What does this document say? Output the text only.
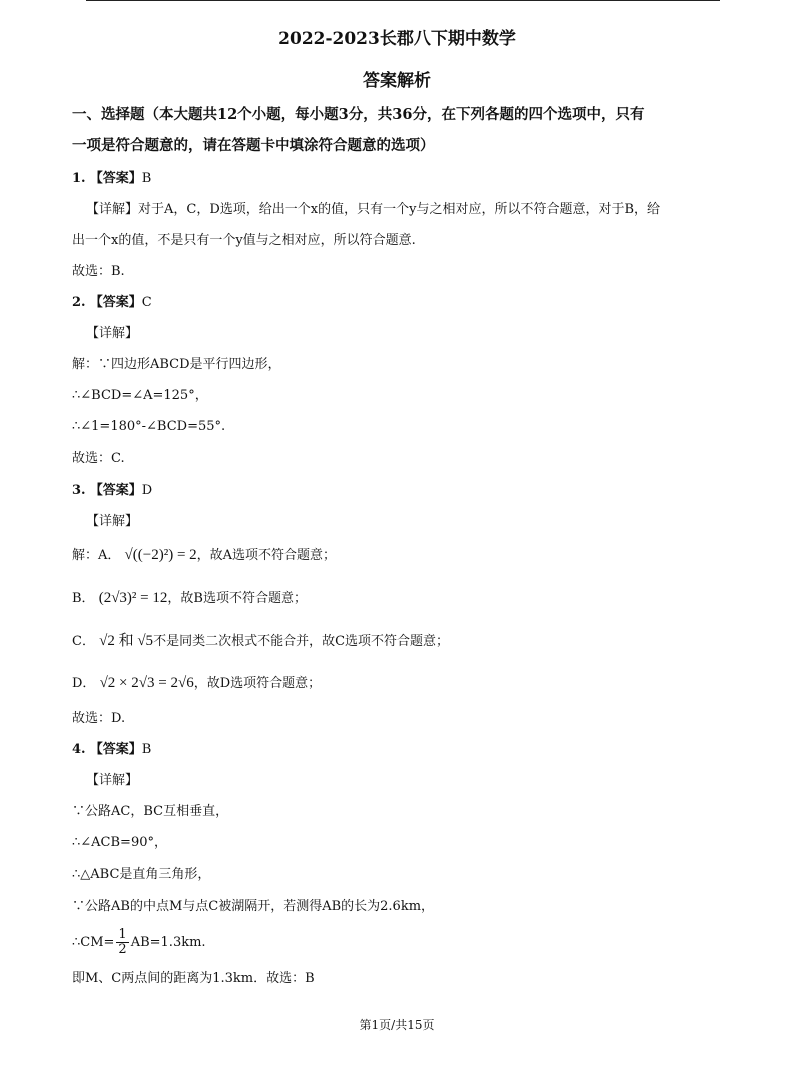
2022-2023长郡八下期中数学
答案解析
一、选择题（本大题共12个小题，每小题3分，共36分，在下列各题的四个选项中，只有
一项是符合题意的，请在答题卡中填涂符合题意的选项）
1. 【答案】B
【详解】对于A，C，D选项，给出一个x的值，只有一个y与之相对应，所以不符合题意，对于B，给
出一个x的值，不是只有一个y值与之相对应，所以符合题意.
故选：B.
2. 【答案】C
【详解】
解：∵四边形ABCD是平行四边形，
∴∠BCD=∠A=125°，
∴∠1=180°-∠BCD=55°.
故选：C.
3. 【答案】D
【详解】
解：A． √((−2)²) = 2，故A选项不符合题意；
B． (2√3)² = 12，故B选项不符合题意；
C． √2 和 √5不是同类二次根式不能合并，故C选项不符合题意；
D． √2 × 2√3 = 2√6，故D选项符合题意；
故选：D.
4. 【答案】B
【详解】
∵公路AC，BC互相垂直，
∴∠ACB=90°，
∴△ABC是直角三角形，
∵公路AB的中点M与点C被湖隔开，若测得AB的长为2.6km，
∴CM= $\frac{1}{2} AB=1.3km$.
即M、C两点间的距离为1.3km．故选：B
第1页/共15页
